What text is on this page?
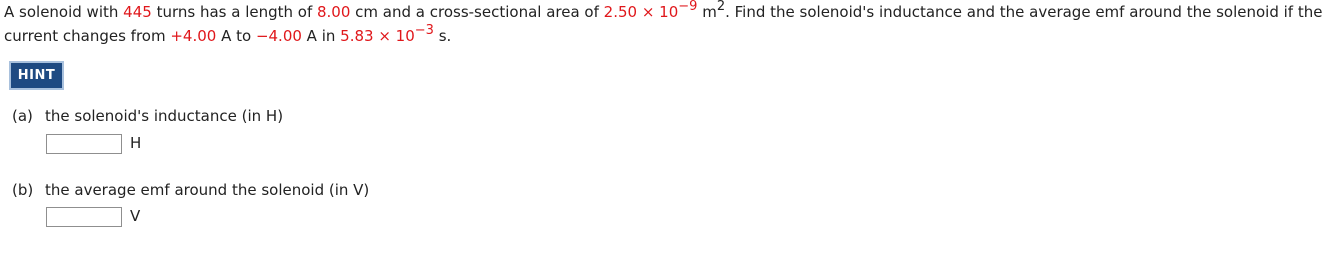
A solenoid with 445 turns has a length of 8.00 cm and a cross-sectional area of $2.50 \times 10^{-9}$ $m^2$. Find the solenoid's inductance and the average emf around the solenoid if the
current changes from +4.00 A to −4.00 A in $5.83 \times 10^{-3}$ s.
HINT
(a) the solenoid's inductance (in H)
H
(b) the average emf around the solenoid (in V)
V
